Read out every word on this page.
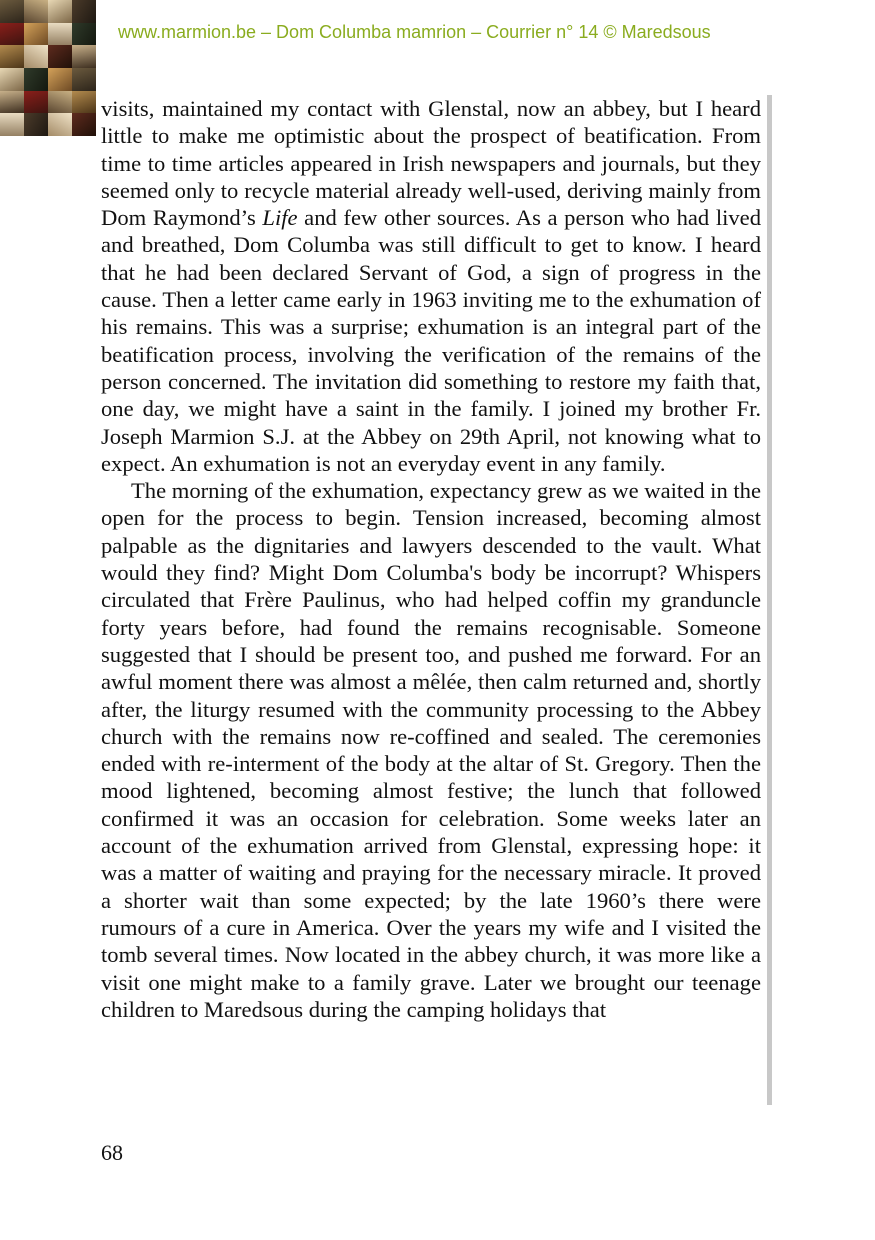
www.marmion.be – Dom Columba mamrion – Courrier n° 14 © Maredsous

visits, maintained my contact with Glenstal, now an abbey, but I heard little to make me optimistic about the prospect of beatification. From time to time articles appeared in Irish newspapers and journals, but they seemed only to recycle material already well-used, deriving mainly from Dom Raymond’s Life and few other sources. As a person who had lived and breathed, Dom Columba was still difficult to get to know. I heard that he had been declared Servant of God, a sign of progress in the cause. Then a letter came early in 1963 inviting me to the exhumation of his remains. This was a surprise; exhumation is an integral part of the beatification process, involving the verification of the remains of the person concerned. The invitation did something to restore my faith that, one day, we might have a saint in the family. I joined my brother Fr. Joseph Marmion S.J. at the Abbey on 29th April, not knowing what to expect. An exhumation is not an everyday event in any family.

The morning of the exhumation, expectancy grew as we waited in the open for the process to begin. Tension increased, becoming almost palpable as the dignitaries and lawyers descended to the vault. What would they find? Might Dom Columba's body be incorrupt? Whispers circulated that Frère Paulinus, who had helped coffin my granduncle forty years before, had found the remains recognisable. Someone suggested that I should be present too, and pushed me forward. For an awful moment there was almost a mêlée, then calm returned and, shortly after, the liturgy resumed with the community processing to the Abbey church with the remains now re-coffined and sealed. The ceremonies ended with re-interment of the body at the altar of St. Gregory. Then the mood lightened, becoming almost festive; the lunch that followed confirmed it was an occasion for celebration. Some weeks later an account of the exhumation arrived from Glenstal, expressing hope: it was a matter of waiting and praying for the necessary miracle. It proved a shorter wait than some expected; by the late 1960’s there were rumours of a cure in America. Over the years my wife and I visited the tomb several times. Now located in the abbey church, it was more like a visit one might make to a family grave. Later we brought our teenage children to Maredsous during the camping holidays that

68
